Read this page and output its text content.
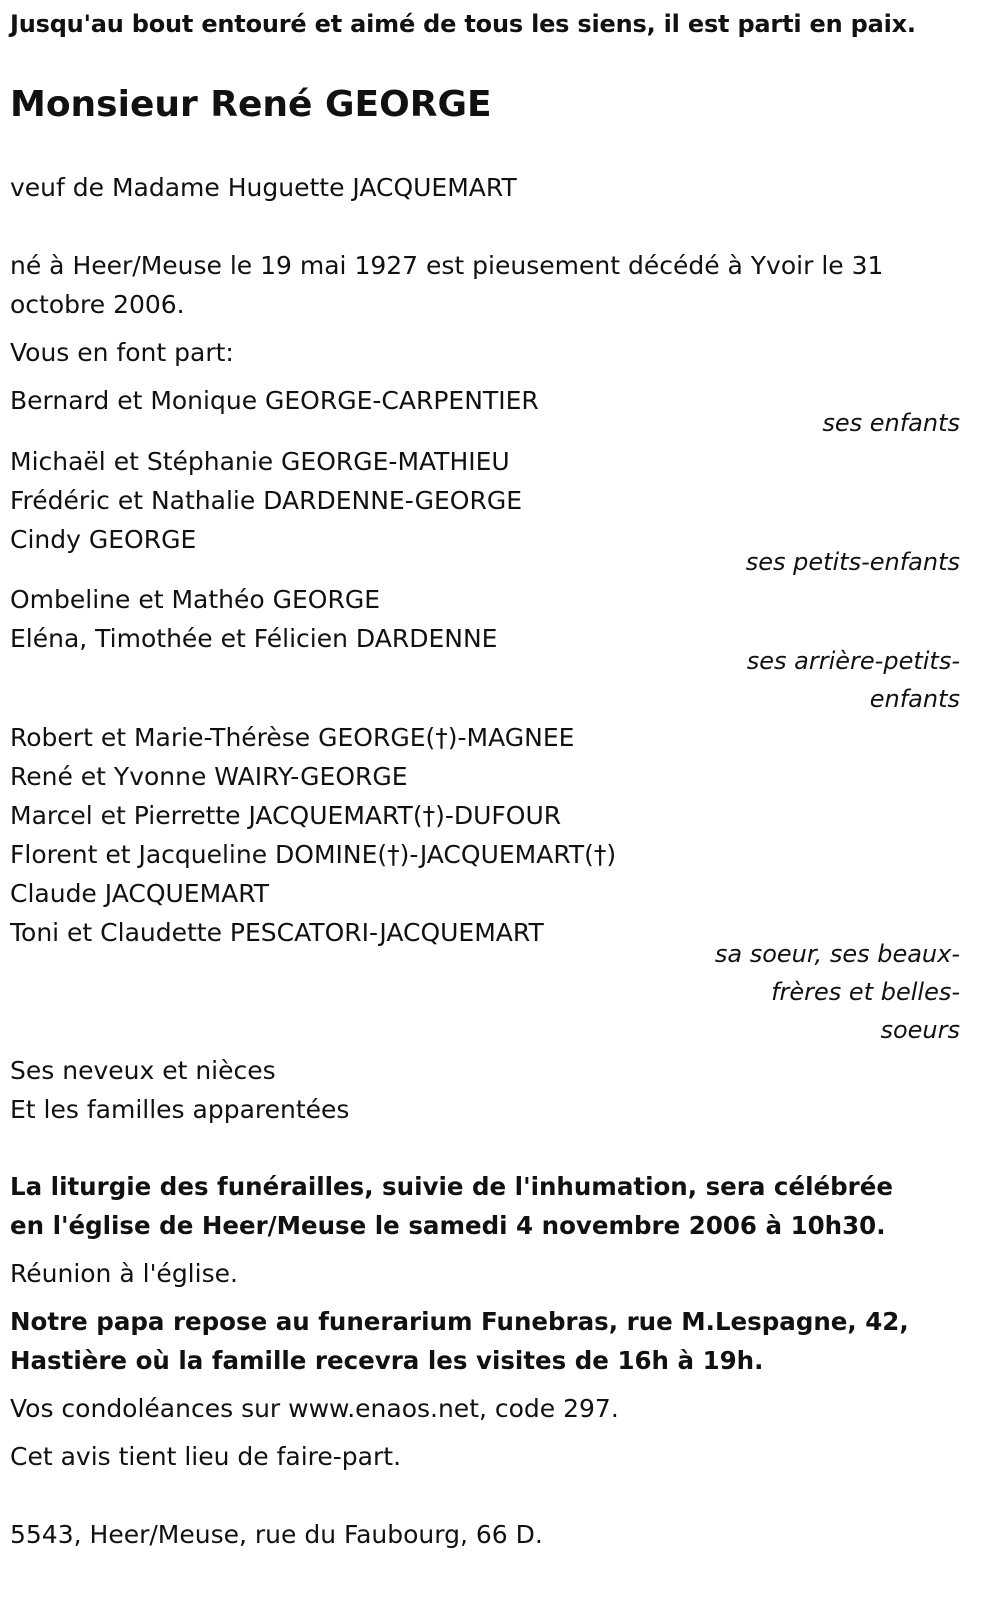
Jusqu'au bout entouré et aimé de tous les siens, il est parti en paix.
Monsieur René GEORGE
veuf de Madame Huguette JACQUEMART
né à Heer/Meuse le 19 mai 1927 est pieusement décédé à Yvoir le 31 octobre 2006.
Vous en font part:
Bernard et Monique GEORGE-CARPENTIER
ses enfants
Michaël et Stéphanie GEORGE-MATHIEU
Frédéric et Nathalie DARDENNE-GEORGE
Cindy GEORGE
ses petits-enfants
Ombeline et Mathéo GEORGE
Eléna, Timothée et Félicien DARDENNE
ses arrière-petits-enfants
Robert et Marie-Thérèse GEORGE(†)-MAGNEE
René et Yvonne WAIRY-GEORGE
Marcel et Pierrette JACQUEMART(†)-DUFOUR
Florent et Jacqueline DOMINE(†)-JACQUEMART(†)
Claude JACQUEMART
Toni et Claudette PESCATORI-JACQUEMART
sa soeur, ses beaux-frères et belles-soeurs
Ses neveux et nièces
Et les familles apparentées
La liturgie des funérailles, suivie de l'inhumation, sera célébrée en l'église de Heer/Meuse le samedi 4 novembre 2006 à 10h30.
Réunion à l'église.
Notre papa repose au funerarium Funebras, rue M.Lespagne, 42, Hastière où la famille recevra les visites de 16h à 19h.
Vos condoléances sur www.enaos.net, code 297.
Cet avis tient lieu de faire-part.
5543, Heer/Meuse, rue du Faubourg, 66 D.
